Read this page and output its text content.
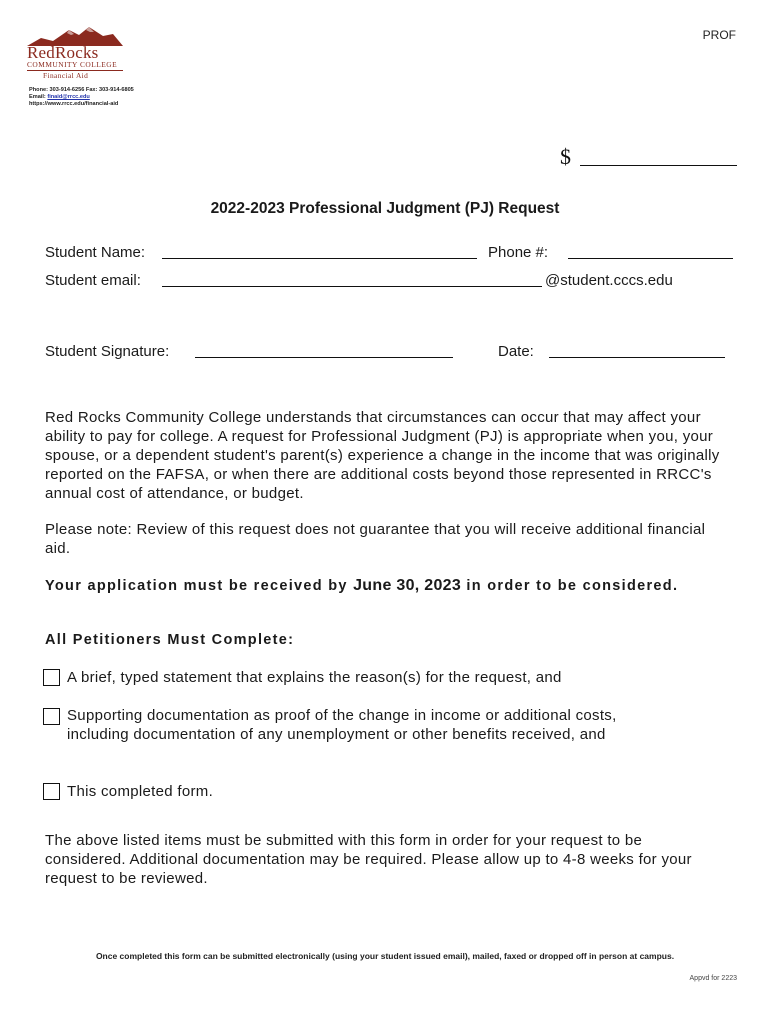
RedRocks
COMMUNITY COLLEGE
Financial Aid
Phone: 303-914-6256 Fax: 303-914-6805
Email: finaid@rrcc.edu
https://www.rrcc.edu/financial-aid
PROF
$
2022-2023 Professional Judgment (PJ) Request
Student Name:	Phone #:
Student email:	@student.cccs.edu
Student Signature:	Date:
Red Rocks Community College understands that circumstances can occur that may affect your ability to pay for college. A request for Professional Judgment (PJ) is appropriate when you, your spouse, or a dependent student's parent(s) experience a change in the income that was originally reported on the FAFSA, or when there are additional costs beyond those represented in RRCC's annual cost of attendance, or budget.
Please note: Review of this request does not guarantee that you will receive additional financial aid.
Your application must be received by June 30, 2023 in order to be considered.
All Petitioners Must Complete:
A brief, typed statement that explains the reason(s) for the request, and
Supporting documentation as proof of the change in income or additional costs, including documentation of any unemployment or other benefits received, and
This completed form.
The above listed items must be submitted with this form in order for your request to be considered. Additional documentation may be required. Please allow up to 4-8 weeks for your request to be reviewed.
Once completed this form can be submitted electronically (using your student issued email), mailed, faxed or dropped off in person at campus.
Appvd for 2223
